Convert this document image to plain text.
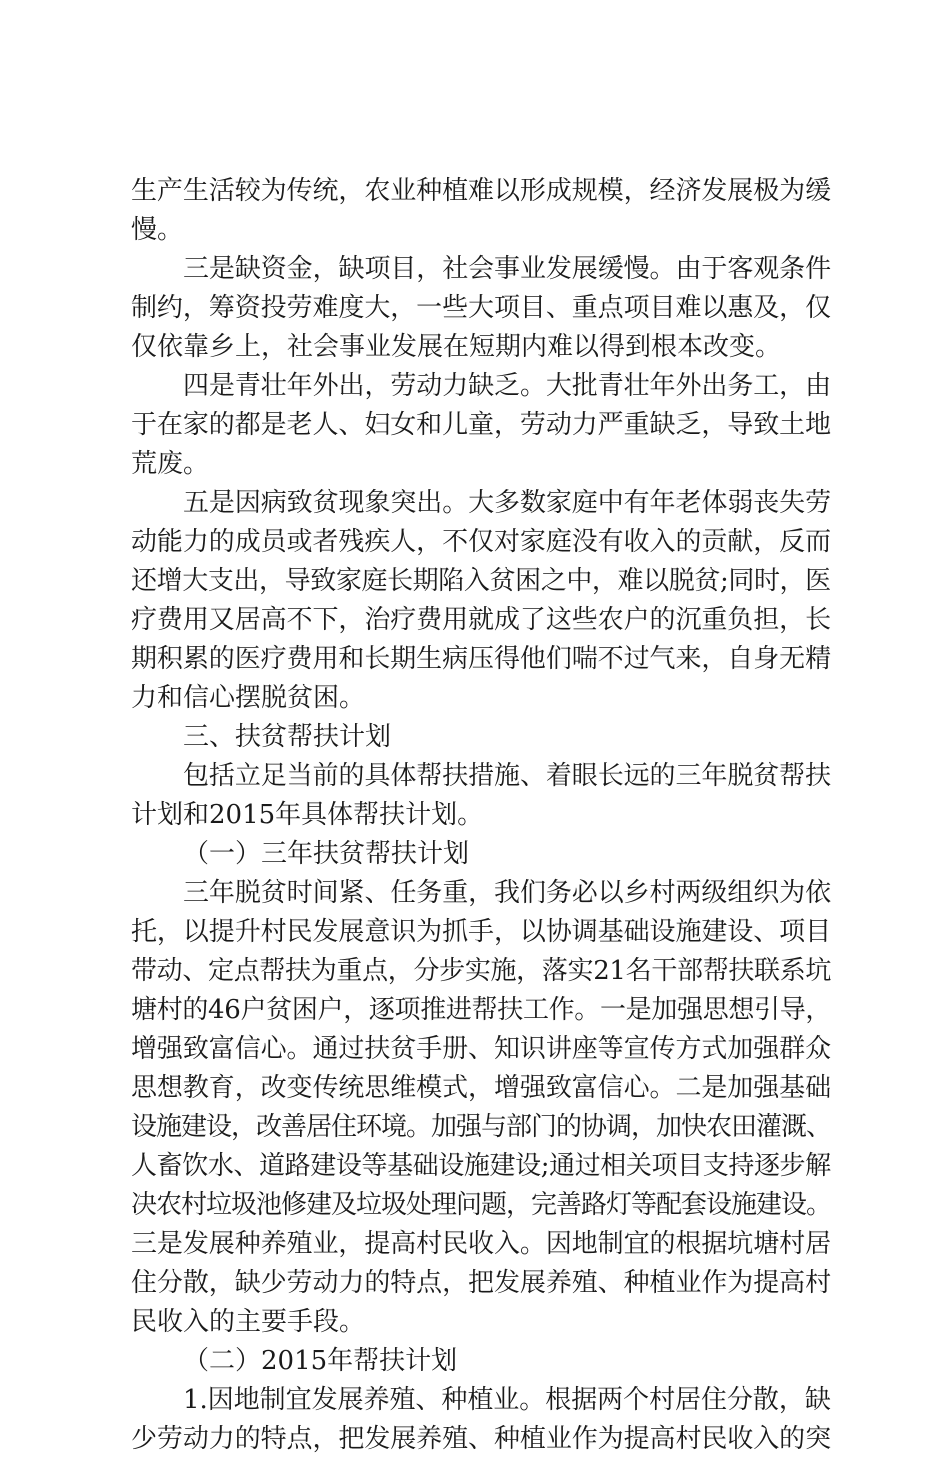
生产生活较为传统，农业种植难以形成规模，经济发展极为缓
慢。
三是缺资金，缺项目，社会事业发展缓慢。由于客观条件
制约，筹资投劳难度大，一些大项目、重点项目难以惠及，仅
仅依靠乡上，社会事业发展在短期内难以得到根本改变。
四是青壮年外出，劳动力缺乏。大批青壮年外出务工，由
于在家的都是老人、妇女和儿童，劳动力严重缺乏，导致土地
荒废。
五是因病致贫现象突出。大多数家庭中有年老体弱丧失劳
动能力的成员或者残疾人，不仅对家庭没有收入的贡献，反而
还增大支出，导致家庭长期陷入贫困之中，难以脱贫;同时，医
疗费用又居高不下，治疗费用就成了这些农户的沉重负担，长
期积累的医疗费用和长期生病压得他们喘不过气来，自身无精
力和信心摆脱贫困。
三、扶贫帮扶计划
包括立足当前的具体帮扶措施、着眼长远的三年脱贫帮扶
计划和2015年具体帮扶计划。
（一）三年扶贫帮扶计划
三年脱贫时间紧、任务重，我们务必以乡村两级组织为依
托，以提升村民发展意识为抓手，以协调基础设施建设、项目
带动、定点帮扶为重点，分步实施，落实21名干部帮扶联系坑
塘村的46户贫困户，逐项推进帮扶工作。一是加强思想引导，
增强致富信心。通过扶贫手册、知识讲座等宣传方式加强群众
思想教育，改变传统思维模式，增强致富信心。二是加强基础
设施建设，改善居住环境。加强与部门的协调，加快农田灌溉、
人畜饮水、道路建设等基础设施建设;通过相关项目支持逐步解
决农村垃圾池修建及垃圾处理问题，完善路灯等配套设施建设。
三是发展种养殖业，提高村民收入。因地制宜的根据坑塘村居
住分散，缺少劳动力的特点，把发展养殖、种植业作为提高村
民收入的主要手段。
（二）2015年帮扶计划
1.因地制宜发展养殖、种植业。根据两个村居住分散，缺
少劳动力的特点，把发展养殖、种植业作为提高村民收入的突
